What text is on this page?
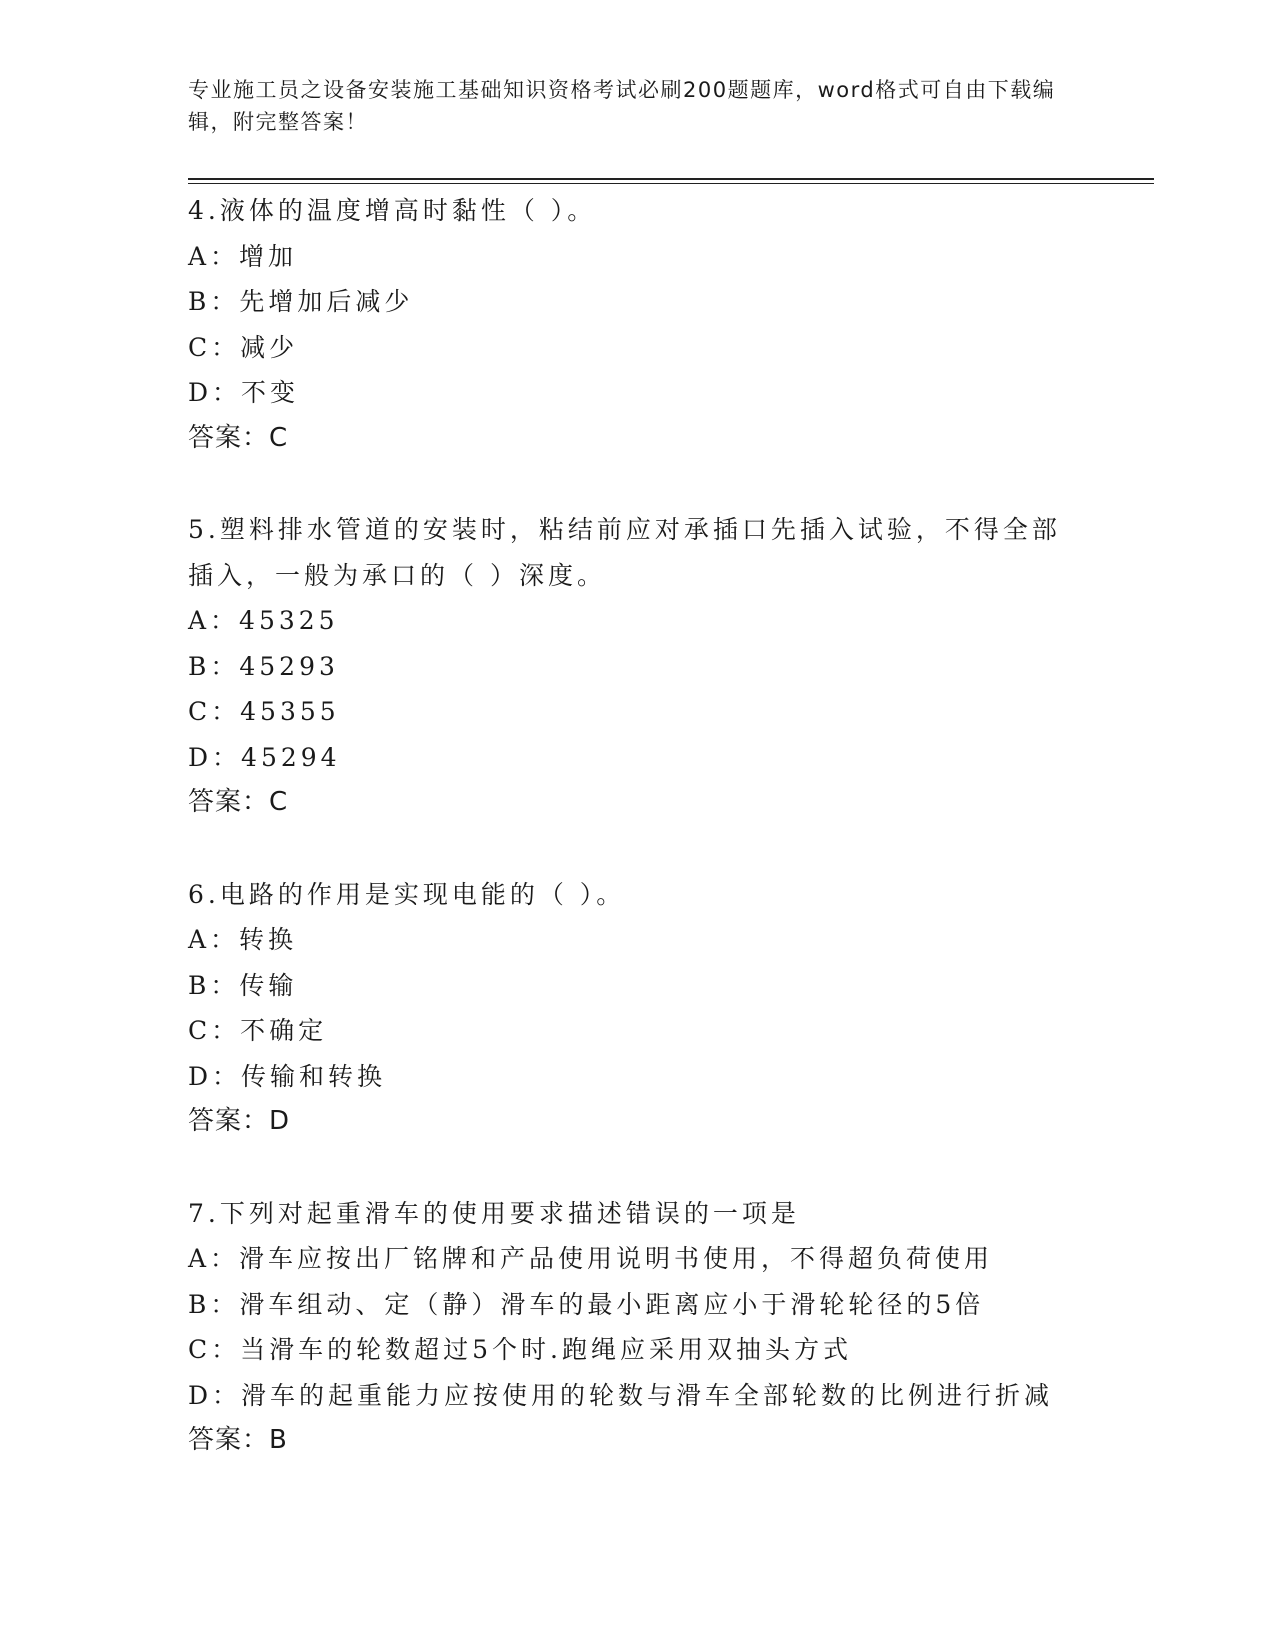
专业施工员之设备安装施工基础知识资格考试必刷200题题库，word格式可自由下载编辑，附完整答案！
4.液体的温度增高时黏性（ ）。
A：增加
B：先增加后减少
C：减少
D：不变
答案：C
5.塑料排水管道的安装时，粘结前应对承插口先插入试验，不得全部插入，一般为承口的（ ）深度。
A：45325
B：45293
C：45355
D：45294
答案：C
6.电路的作用是实现电能的（ ）。
A：转换
B：传输
C：不确定
D：传输和转换
答案：D
7.下列对起重滑车的使用要求描述错误的一项是
A：滑车应按出厂铭牌和产品使用说明书使用，不得超负荷使用
B：滑车组动、定（静）滑车的最小距离应小于滑轮轮径的5倍
C：当滑车的轮数超过5个时.跑绳应采用双抽头方式
D：滑车的起重能力应按使用的轮数与滑车全部轮数的比例进行折减
答案：B
